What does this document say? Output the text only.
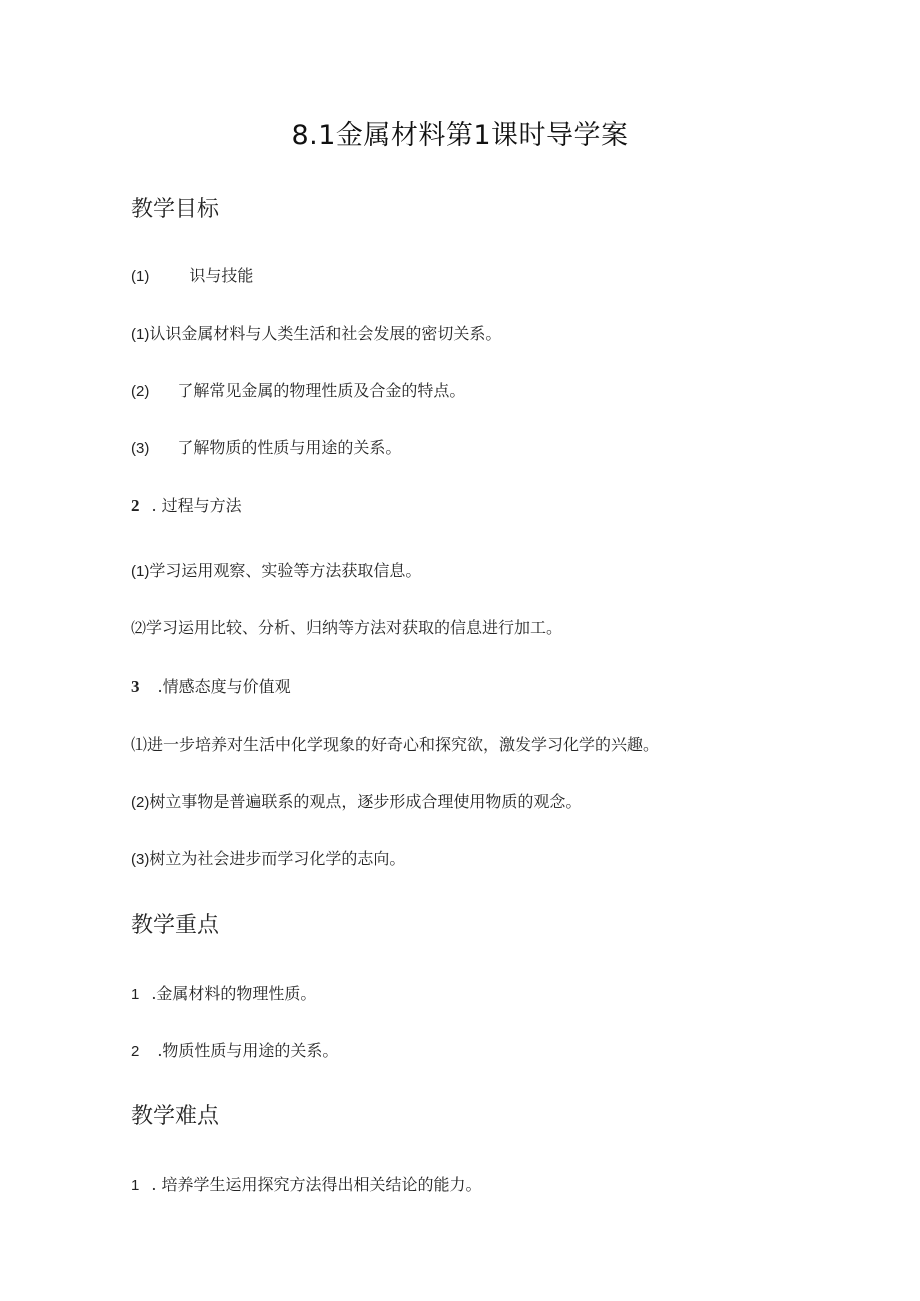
8.1金属材料第1课时导学案
教学目标
(1)	识与技能
(1)认识金属材料与人类生活和社会发展的密切关系。
(2) 了解常见金属的物理性质及合金的特点。
(3) 了解物质的性质与用途的关系。
2 . 过程与方法
(1)学习运用观察、实验等方法获取信息。
⑵学习运用比较、分析、归纳等方法对获取的信息进行加工。
3 .情感态度与价值观
⑴进一步培养对生活中化学现象的好奇心和探究欲，激发学习化学的兴趣。
(2)树立事物是普遍联系的观点，逐步形成合理使用物质的观念。
(3)树立为社会进步而学习化学的志向。
教学重点
1 .金属材料的物理性质。
2 .物质性质与用途的关系。
教学难点
1 . 培养学生运用探究方法得出相关结论的能力。
